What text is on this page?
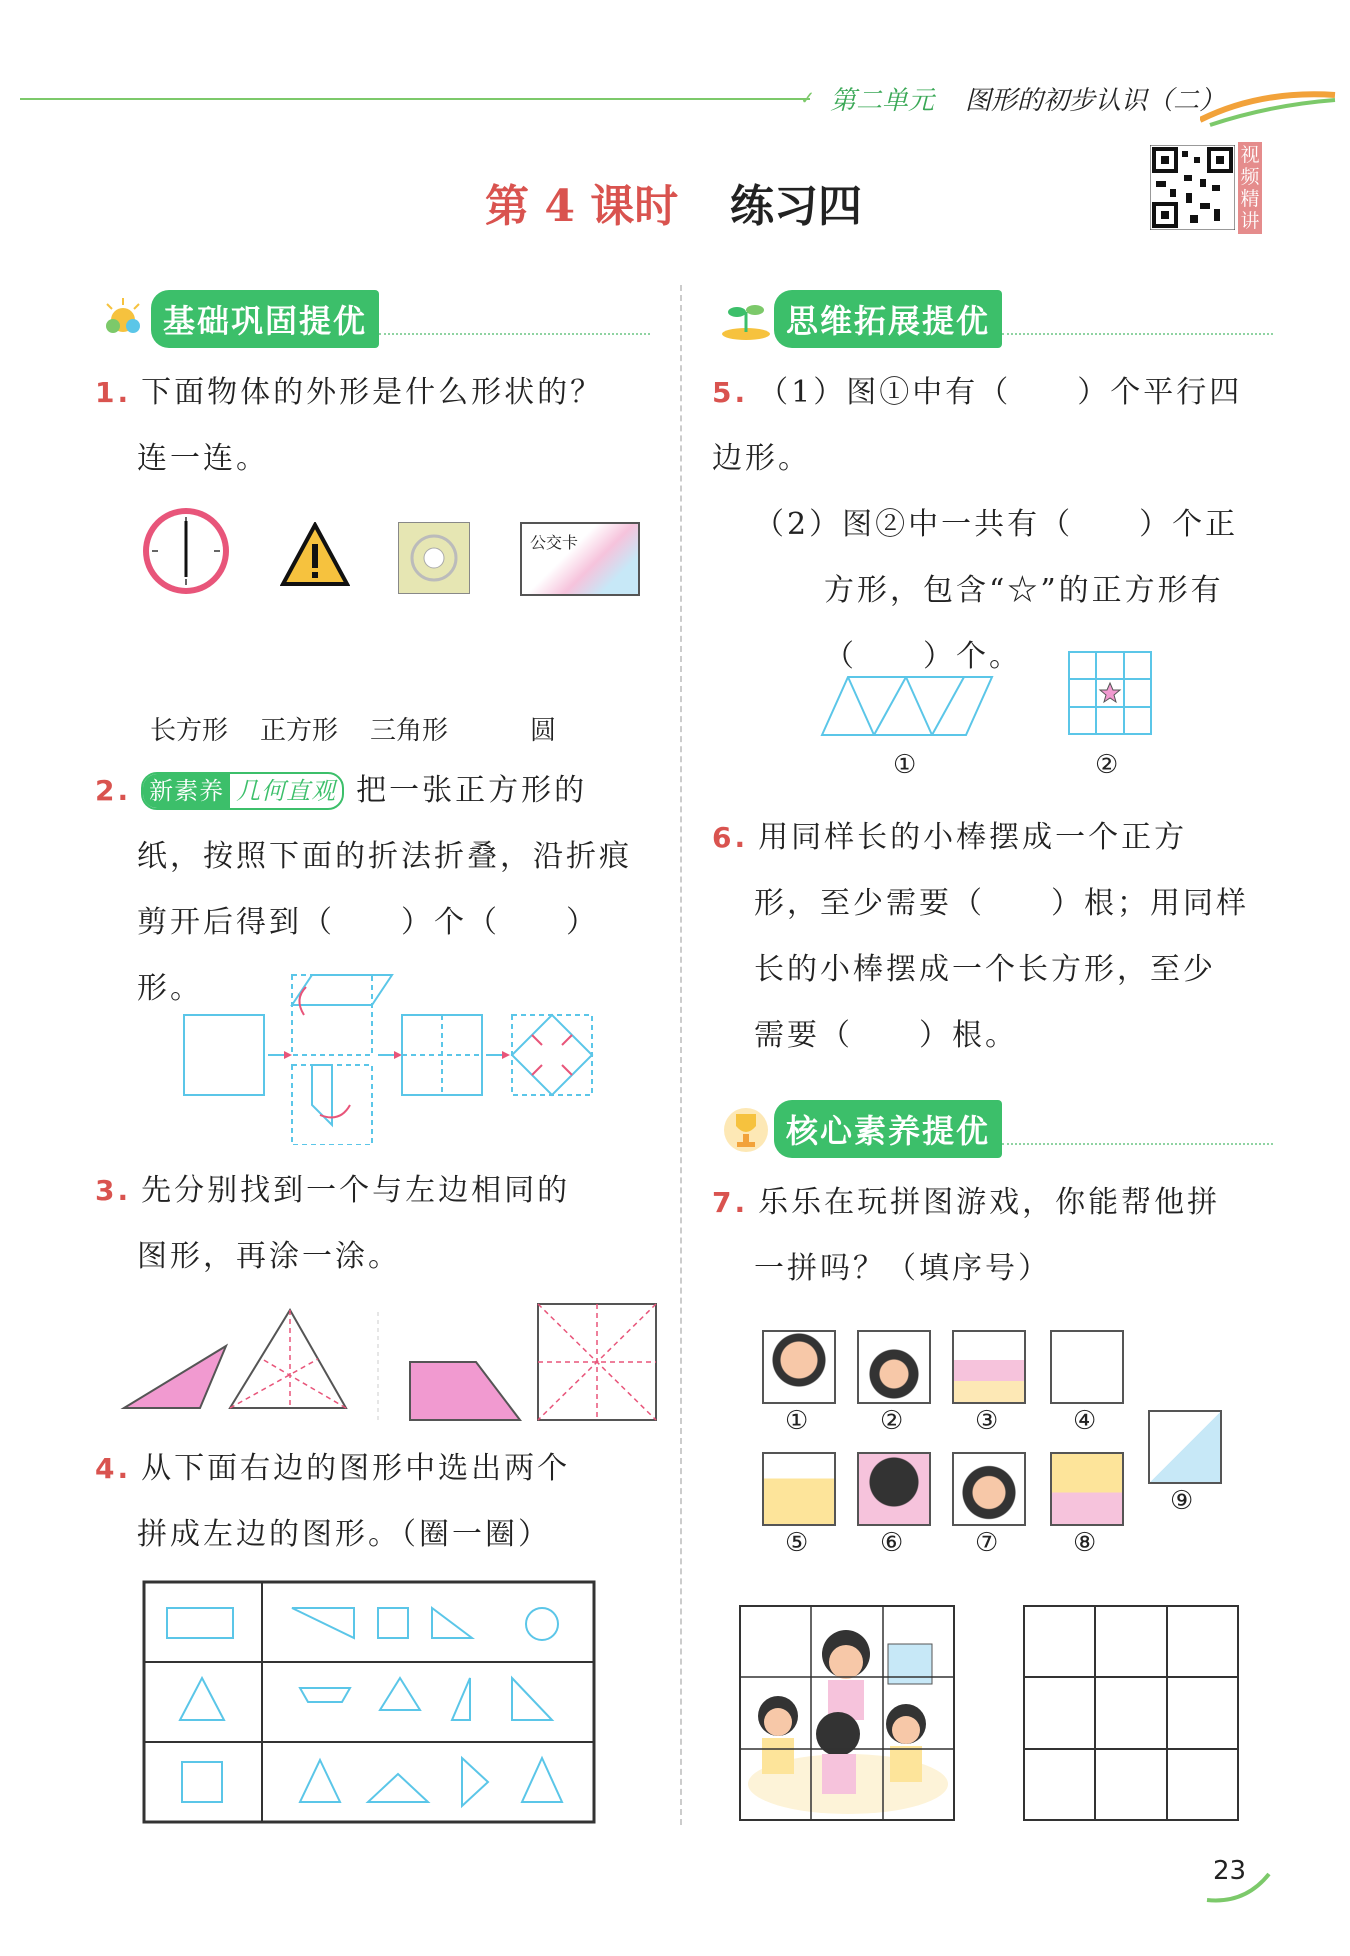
✓ 第二单元 图形的初步认识（二）
第 4 课时 练习四
视频精讲
基础巩固提优
1. 下面物体的外形是什么形状的？
连一连。
公交卡
长方形 正方形 三角形	圆
2. 新素养 几何直观 把一张正方形的
纸，按照下面的折法折叠，沿折痕
剪开后得到（　　）个（　　）形。
3. 先分别找到一个与左边相同的
图形，再涂一涂。
4. 从下面右边的图形中选出两个
拼成左边的图形。（圈一圈）
思维拓展提优
5. （1）图①中有（　　）个平行四边形。
（2）图②中一共有（　　）个正
方形，包含“☆”的正方形有
（　　）个。
①	②
6. 用同样长的小棒摆成一个正方
形，至少需要（　　）根；用同样
长的小棒摆成一个长方形，至少
需要（　　）根。
核心素养提优
7. 乐乐在玩拼图游戏，你能帮他拼
一拼吗？（填序号）
①	②	③	④
⑨
⑤	⑥	⑦	⑧
23
